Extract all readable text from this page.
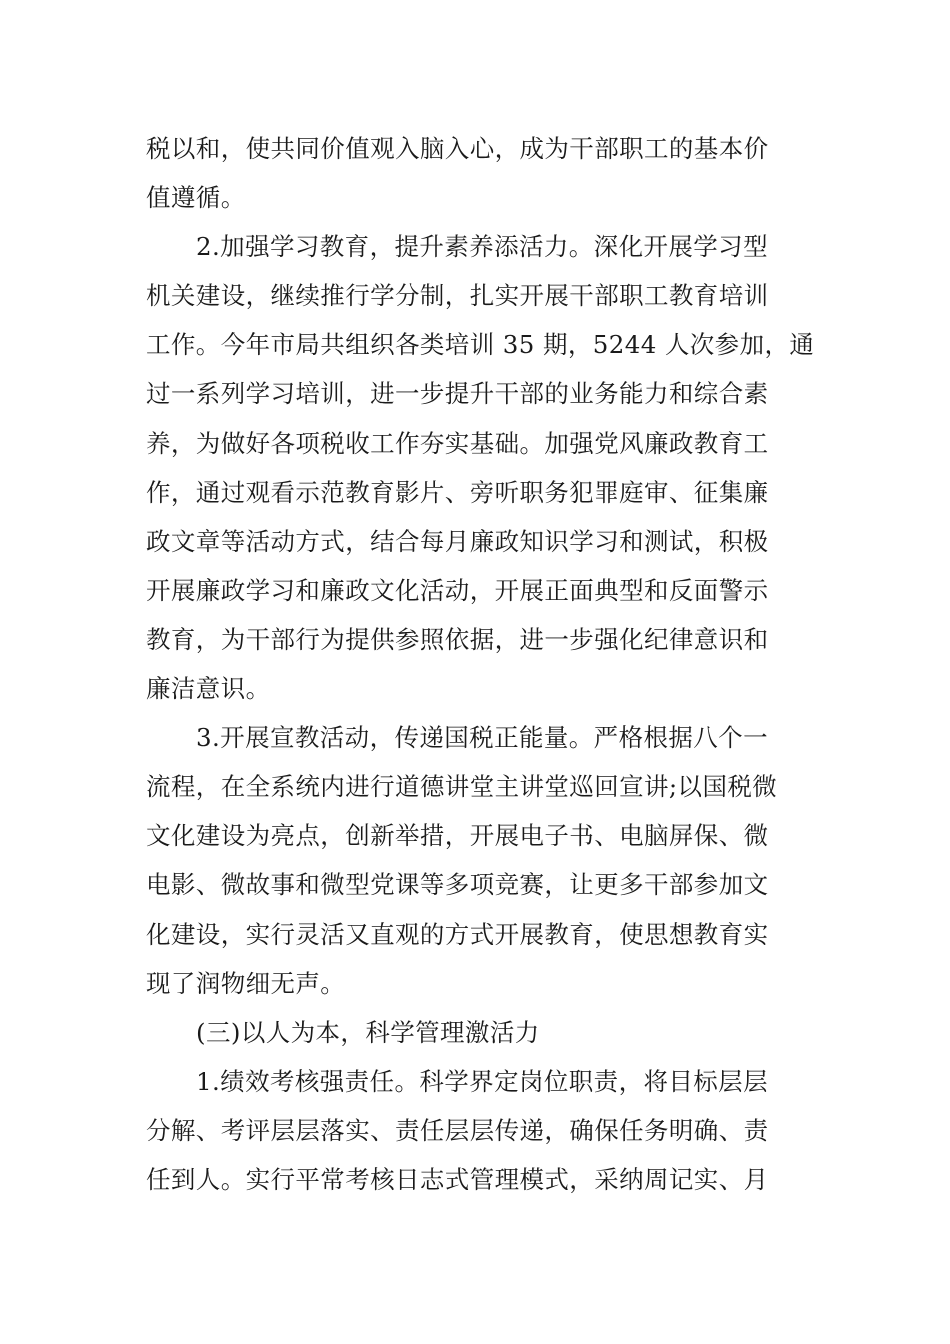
税以和，使共同价值观入脑入心，成为干部职工的基本价
值遵循。
2.加强学习教育，提升素养添活力。深化开展学习型
机关建设，继续推行学分制，扎实开展干部职工教育培训
工作。今年市局共组织各类培训 35 期，5244 人次参加，通
过一系列学习培训，进一步提升干部的业务能力和综合素
养，为做好各项税收工作夯实基础。加强党风廉政教育工
作，通过观看示范教育影片、旁听职务犯罪庭审、征集廉
政文章等活动方式，结合每月廉政知识学习和测试，积极
开展廉政学习和廉政文化活动，开展正面典型和反面警示
教育，为干部行为提供参照依据，进一步强化纪律意识和
廉洁意识。
3.开展宣教活动，传递国税正能量。严格根据八个一
流程，在全系统内进行道德讲堂主讲堂巡回宣讲;以国税微
文化建设为亮点，创新举措，开展电子书、电脑屏保、微
电影、微故事和微型党课等多项竞赛，让更多干部参加文
化建设，实行灵活又直观的方式开展教育，使思想教育实
现了润物细无声。
(三)以人为本，科学管理激活力
1.绩效考核强责任。科学界定岗位职责，将目标层层
分解、考评层层落实、责任层层传递，确保任务明确、责
任到人。实行平常考核日志式管理模式，采纳周记实、月
